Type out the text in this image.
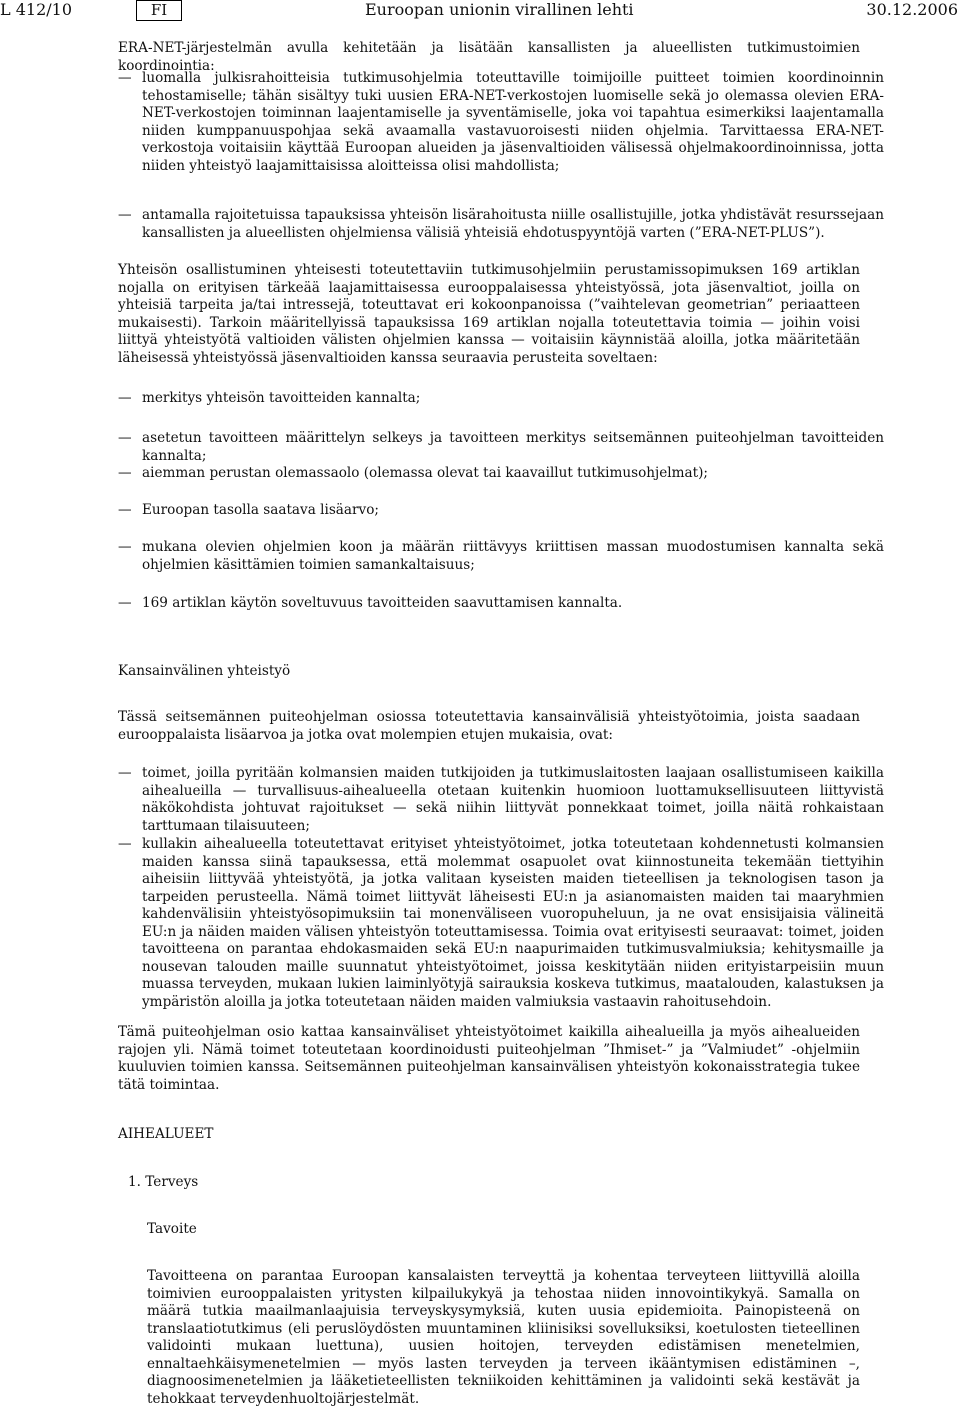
L 412/10	FI	Euroopan unionin virallinen lehti	30.12.2006
ERA-NET-järjestelmän avulla kehitetään ja lisätään kansallisten ja alueellisten tutkimustoimien koordinointia:
— luomalla julkisrahoitteisia tutkimusohjelmia toteuttaville toimijoille puitteet toimien koordinoinnin tehostamiselle; tähän sisältyy tuki uusien ERA-NET-verkostojen luomiselle sekä jo olemassa olevien ERA-NET-verkostojen toiminnan laajentamiselle ja syventämiselle, joka voi tapahtua esimerkiksi laajentamalla niiden kumppanuuspohjaa sekä avaamalla vastavuoroisesti niiden ohjelmia. Tarvittaessa ERA-NET-verkostoja voitaisiin käyttää Euroopan alueiden ja jäsenvaltioiden välisessä ohjelmakoordinoinnissa, jotta niiden yhteistyö laajamittaisissa aloitteissa olisi mahdollista;
— antamalla rajoitetuissa tapauksissa yhteisön lisärahoitusta niille osallistujille, jotka yhdistävät resurssejaan kansallisten ja alueellisten ohjelmiensa välisiä yhteisiä ehdotuspyyntöjä varten (”ERA-NET-PLUS”).
Yhteisön osallistuminen yhteisesti toteutettaviin tutkimusohjelmiin perustamissopimuksen 169 artiklan nojalla on erityisen tärkeää laajamittaisessa eurooppalaisessa yhteistyössä, jota jäsenvaltiot, joilla on yhteisiä tarpeita ja/tai intressejä, toteuttavat eri kokoonpanoissa (”vaihtelevan geometrian” periaatteen mukaisesti). Tarkoin määritellyissä tapauksissa 169 artiklan nojalla toteutettavia toimia — joihin voisi liittyä yhteistyötä valtioiden välisten ohjelmien kanssa — voitaisiin käynnistää aloilla, jotka määritetään läheisessä yhteistyössä jäsenvaltioiden kanssa seuraavia perusteita soveltaen:
— merkitys yhteisön tavoitteiden kannalta;
— asetetun tavoitteen määrittelyn selkeys ja tavoitteen merkitys seitsemännen puiteohjelman tavoitteiden kannalta;
— aiemman perustan olemassaolo (olemassa olevat tai kaavaillut tutkimusohjelmat);
— Euroopan tasolla saatava lisäarvo;
— mukana olevien ohjelmien koon ja määrän riittävyys kriittisen massan muodostumisen kannalta sekä ohjelmien käsittämien toimien samankaltaisuus;
— 169 artiklan käytön soveltuvuus tavoitteiden saavuttamisen kannalta.
Kansainvälinen yhteistyö
Tässä seitsemännen puiteohjelman osiossa toteutettavia kansainvälisiä yhteistyötoimia, joista saadaan eurooppalaista lisäarvoa ja jotka ovat molempien etujen mukaisia, ovat:
— toimet, joilla pyritään kolmansien maiden tutkijoiden ja tutkimuslaitosten laajaan osallistumiseen kaikilla aihealueilla — turvallisuus-aihealueella otetaan kuitenkin huomioon luottamuksellisuuteen liittyvistä näkökohdista johtuvat rajoitukset — sekä niihin liittyvät ponnekkaat toimet, joilla näitä rohkaistaan tarttumaan tilaisuuteen;
— kullakin aihealueella toteutettavat erityiset yhteistyötoimet, jotka toteutetaan kohdennetusti kolmansien maiden kanssa siinä tapauksessa, että molemmat osapuolet ovat kiinnostuneita tekemään tiettyihin aiheisiin liittyvää yhteistyötä, ja jotka valitaan kyseisten maiden tieteellisen ja teknologisen tason ja tarpeiden perusteella. Nämä toimet liittyvät läheisesti EU:n ja asianomaisten maiden tai maaryhmien kahdenvälisiin yhteistyösopimuksiin tai monenväliseen vuoropuheluun, ja ne ovat ensisijaisia välineitä EU:n ja näiden maiden välisen yhteistyön toteuttamisessa. Toimia ovat erityisesti seuraavat: toimet, joiden tavoitteena on parantaa ehdokasmaiden sekä EU:n naapurimaiden tutkimusvalmiuksia; kehitysmaille ja nousevan talouden maille suunnatut yhteistyötoimet, joissa keskitytään niiden erityistarpeisiin muun muassa terveyden, mukaan lukien laiminlyötyjä sairauksia koskeva tutkimus, maatalouden, kalastuksen ja ympäristön aloilla ja jotka toteutetaan näiden maiden valmiuksia vastaavin rahoitusehdoin.
Tämä puiteohjelman osio kattaa kansainväliset yhteistyötoimet kaikilla aihealueilla ja myös aihealueiden rajojen yli. Nämä toimet toteutetaan koordinoidusti puiteohjelman ”Ihmiset-” ja ”Valmiudet” -ohjelmiin kuuluvien toimien kanssa. Seitsemännen puiteohjelman kansainvälisen yhteistyön kokonaisstrategia tukee tätä toimintaa.
AIHEALUEET
1. Terveys
Tavoite
Tavoitteena on parantaa Euroopan kansalaisten terveyttä ja kohentaa terveyteen liittyvillä aloilla toimivien eurooppalaisten yritysten kilpailukykyä ja tehostaa niiden innovointikykyä. Samalla on määrä tutkia maailmanlaajuisia terveyskysymyksiä, kuten uusia epidemioita. Painopisteenä on translaatiotutkimus (eli peruslöydösten muuntaminen kliinisiksi sovelluksiksi, koetulosten tieteellinen validointi mukaan luettuna), uusien hoitojen, terveyden edistämisen menetelmien, ennaltaehkäisymenetelmien — myös lasten terveyden ja terveen ikääntymisen edistäminen –, diagnoosimenetelmien ja lääketieteellisten tekniikoiden kehittäminen ja validointi sekä kestävät ja tehokkaat terveydenhuoltojärjestelmät.
